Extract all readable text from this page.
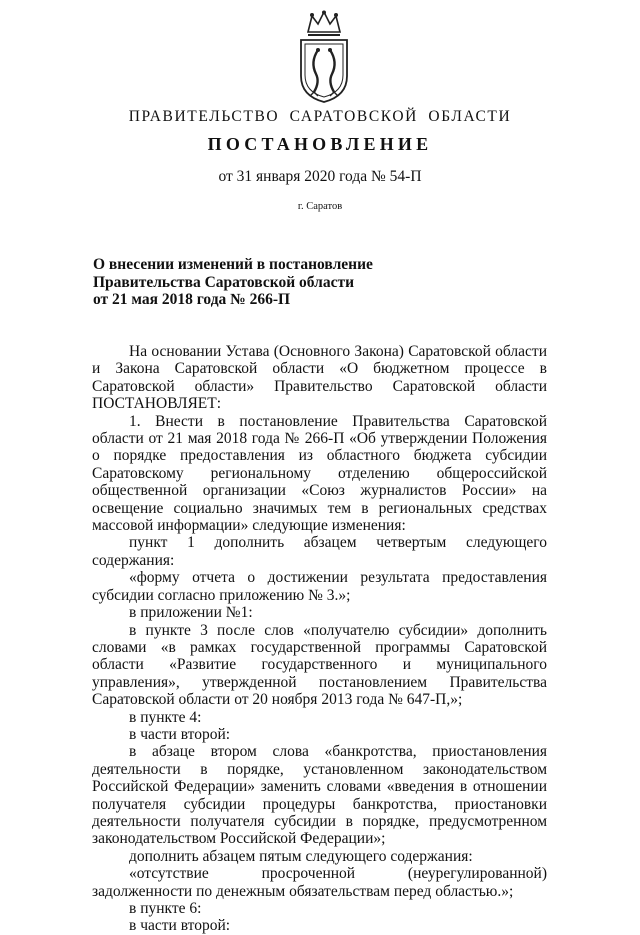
ПРАВИТЕЛЬСТВО САРАТОВСКОЙ ОБЛАСТИ
ПОСТАНОВЛЕНИЕ
от 31 января 2020 года № 54-П
г. Саратов
О внесении изменений в постановление
Правительства Саратовской области
от 21 мая 2018 года № 266-П

На основании Устава (Основного Закона) Саратовской области и Закона Саратовской области «О бюджетном процессе в Саратовской области» Правительство Саратовской области ПОСТАНОВЛЯЕТ:

1. Внести в постановление Правительства Саратовской области от 21 мая 2018 года № 266-П «Об утверждении Положения о порядке предоставления из областного бюджета субсидии Саратовскому региональному отделению общероссийской общественной организации «Союз журналистов России» на освещение социально значимых тем в региональных средствах массовой информации» следующие изменения:

пункт 1 дополнить абзацем четвертым следующего содержания:

«форму отчета о достижении результата предоставления субсидии согласно приложению № 3.»;

в приложении №1:

в пункте 3 после слов «получателю субсидии» дополнить словами «в рамках государственной программы Саратовской области «Развитие государственного и муниципального управления», утвержденной постановлением Правительства Саратовской области от 20 ноября 2013 года № 647-П,»;

в пункте 4:

в части второй:

в абзаце втором слова «банкротства, приостановления деятельности в порядке, установленном законодательством Российской Федерации» заменить словами «введения в отношении получателя субсидии процедуры банкротства, приостановки деятельности получателя субсидии в порядке, предусмотренном законодательством Российской Федерации»;

дополнить абзацем пятым следующего содержания:

«отсутствие просроченной (неурегулированной) задолженности по денежным обязательствам перед областью.»;

в пункте 6:

в части второй:
